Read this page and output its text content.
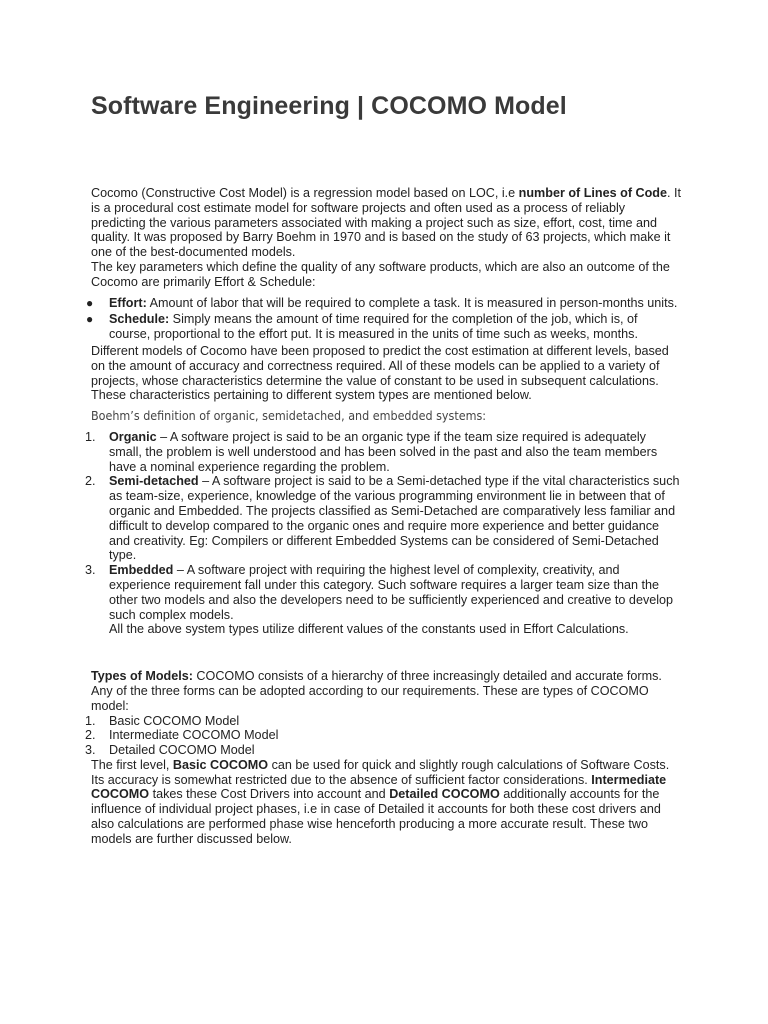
Software Engineering | COCOMO Model

Cocomo (Constructive Cost Model) is a regression model based on LOC, i.e number of Lines of Code. It is a procedural cost estimate model for software projects and often used as a process of reliably predicting the various parameters associated with making a project such as size, effort, cost, time and quality. It was proposed by Barry Boehm in 1970 and is based on the study of 63 projects, which make it one of the best-documented models.

The key parameters which define the quality of any software products, which are also an outcome of the Cocomo are primarily Effort & Schedule:

● Effort: Amount of labor that will be required to complete a task. It is measured in person-months units.
● Schedule: Simply means the amount of time required for the completion of the job, which is, of course, proportional to the effort put. It is measured in the units of time such as weeks, months.

Different models of Cocomo have been proposed to predict the cost estimation at different levels, based on the amount of accuracy and correctness required. All of these models can be applied to a variety of projects, whose characteristics determine the value of constant to be used in subsequent calculations. These characteristics pertaining to different system types are mentioned below.

Boehm’s definition of organic, semidetached, and embedded systems:

1. Organic – A software project is said to be an organic type if the team size required is adequately small, the problem is well understood and has been solved in the past and also the team members have a nominal experience regarding the problem.
2. Semi-detached – A software project is said to be a Semi-detached type if the vital characteristics such as team-size, experience, knowledge of the various programming environment lie in between that of organic and Embedded. The projects classified as Semi-Detached are comparatively less familiar and difficult to develop compared to the organic ones and require more experience and better guidance and creativity. Eg: Compilers or different Embedded Systems can be considered of Semi-Detached type.
3. Embedded – A software project with requiring the highest level of complexity, creativity, and experience requirement fall under this category. Such software requires a larger team size than the other two models and also the developers need to be sufficiently experienced and creative to develop such complex models.

All the above system types utilize different values of the constants used in Effort Calculations.

Types of Models: COCOMO consists of a hierarchy of three increasingly detailed and accurate forms. Any of the three forms can be adopted according to our requirements. These are types of COCOMO model:

1. Basic COCOMO Model
2. Intermediate COCOMO Model
3. Detailed COCOMO Model

The first level, Basic COCOMO can be used for quick and slightly rough calculations of Software Costs. Its accuracy is somewhat restricted due to the absence of sufficient factor considerations. Intermediate COCOMO takes these Cost Drivers into account and Detailed COCOMO additionally accounts for the influence of individual project phases, i.e in case of Detailed it accounts for both these cost drivers and also calculations are performed phase wise henceforth producing a more accurate result. These two models are further discussed below.
